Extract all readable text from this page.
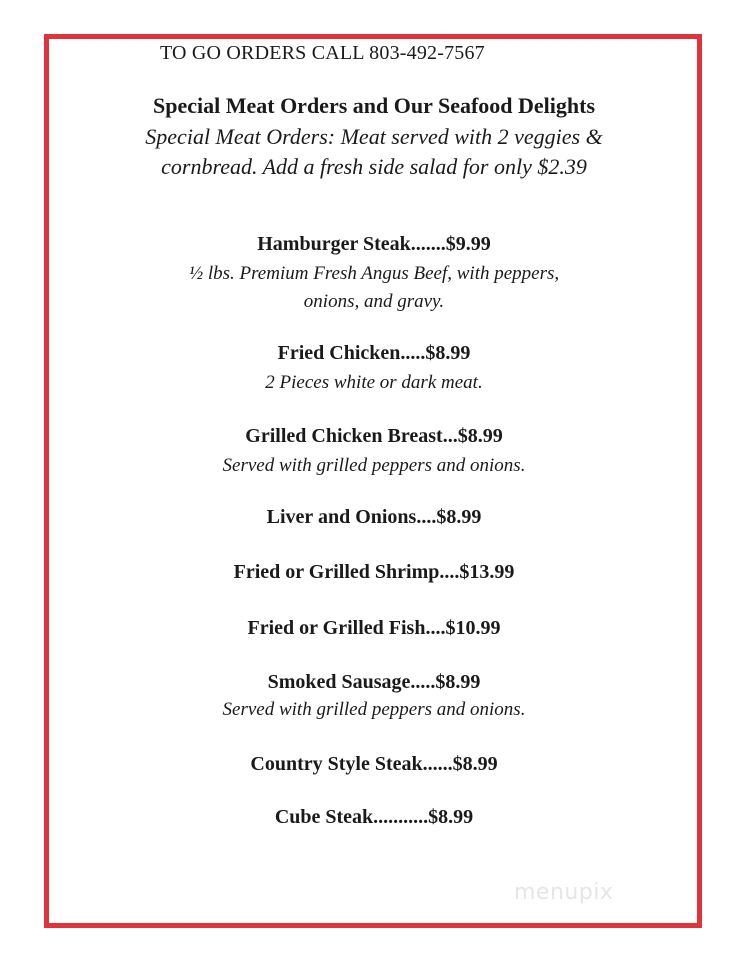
TO GO ORDERS CALL 803-492-7567
Special Meat Orders and Our Seafood Delights
Special Meat Orders: Meat served with 2 veggies &
cornbread. Add a fresh side salad for only $2.39
Hamburger Steak.......$9.99
½ lbs. Premium Fresh Angus Beef, with peppers,
onions, and gravy.
Fried Chicken.....$8.99
2 Pieces white or dark meat.
Grilled Chicken Breast...$8.99
Served with grilled peppers and onions.
Liver and Onions....$8.99
Fried or Grilled Shrimp....$13.99
Fried or Grilled Fish....$10.99
Smoked Sausage.....$8.99
Served with grilled peppers and onions.
Country Style Steak......$8.99
Cube Steak...........$8.99
menupix
